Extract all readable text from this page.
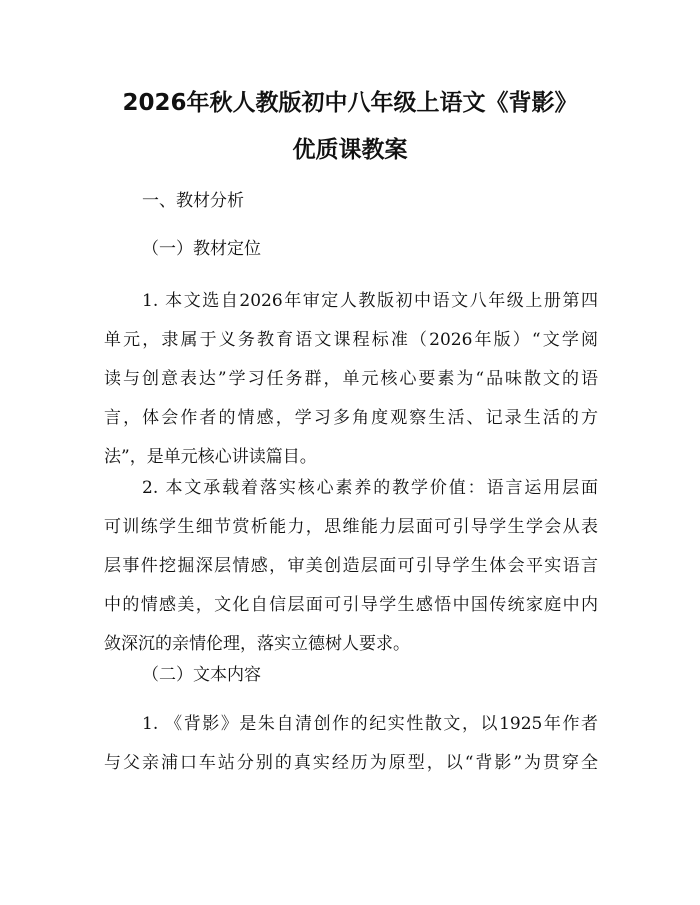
2026年秋人教版初中八年级上语文《背影》
优质课教案
一、教材分析
（一）教材定位
1. 本文选自2026年审定人教版初中语文八年级上册第四
单元，隶属于义务教育语文课程标准（2026年版）“文学阅
读与创意表达”学习任务群，单元核心要素为“品味散文的语
言，体会作者的情感，学习多角度观察生活、记录生活的方
法”，是单元核心讲读篇目。
2. 本文承载着落实核心素养的教学价值：语言运用层面
可训练学生细节赏析能力，思维能力层面可引导学生学会从表
层事件挖掘深层情感，审美创造层面可引导学生体会平实语言
中的情感美，文化自信层面可引导学生感悟中国传统家庭中内
敛深沉的亲情伦理，落实立德树人要求。
（二）文本内容
1. 《背影》是朱自清创作的纪实性散文，以1925年作者
与父亲浦口车站分别的真实经历为原型，以“背影”为贯穿全
